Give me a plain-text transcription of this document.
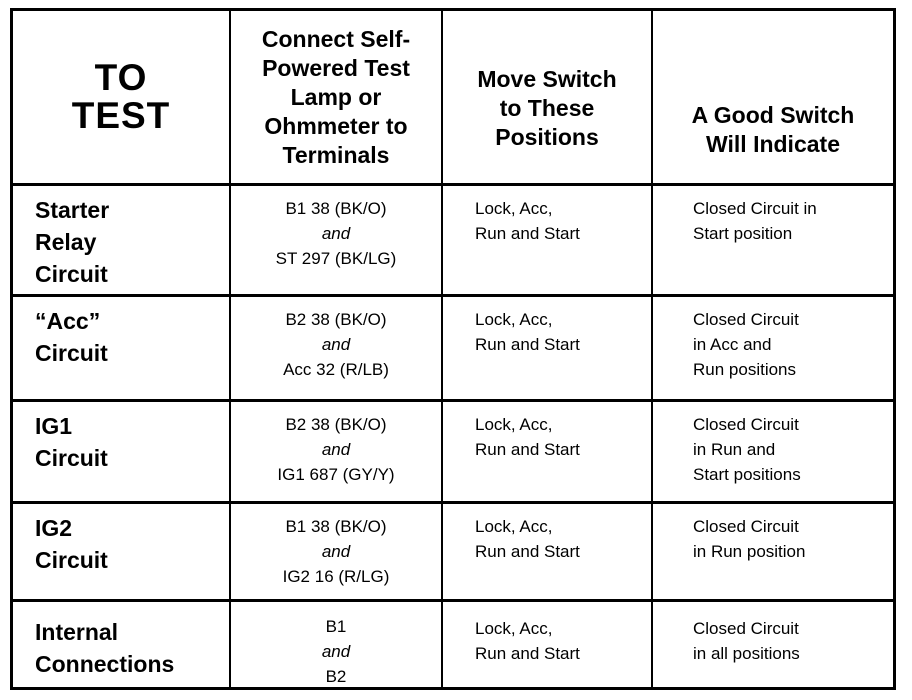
TO
TEST
Connect Self-
Powered Test
Lamp or
Ohmmeter to
Terminals
Move Switch
to These
Positions
A Good Switch
Will Indicate
Starter
Relay
Circuit
B1 38 (BK/O)
and
ST 297 (BK/LG)
Lock, Acc,
Run and Start
Closed Circuit in
Start position
“Acc”
Circuit
B2 38 (BK/O)
and
Acc 32 (R/LB)
Lock, Acc,
Run and Start
Closed Circuit
in Acc and
Run positions
IG1
Circuit
B2 38 (BK/O)
and
IG1 687 (GY/Y)
Lock, Acc,
Run and Start
Closed Circuit
in Run and
Start positions
IG2
Circuit
B1 38 (BK/O)
and
IG2 16 (R/LG)
Lock, Acc,
Run and Start
Closed Circuit
in Run position
Internal
Connections
B1
and
B2
Lock, Acc,
Run and Start
Closed Circuit
in all positions
